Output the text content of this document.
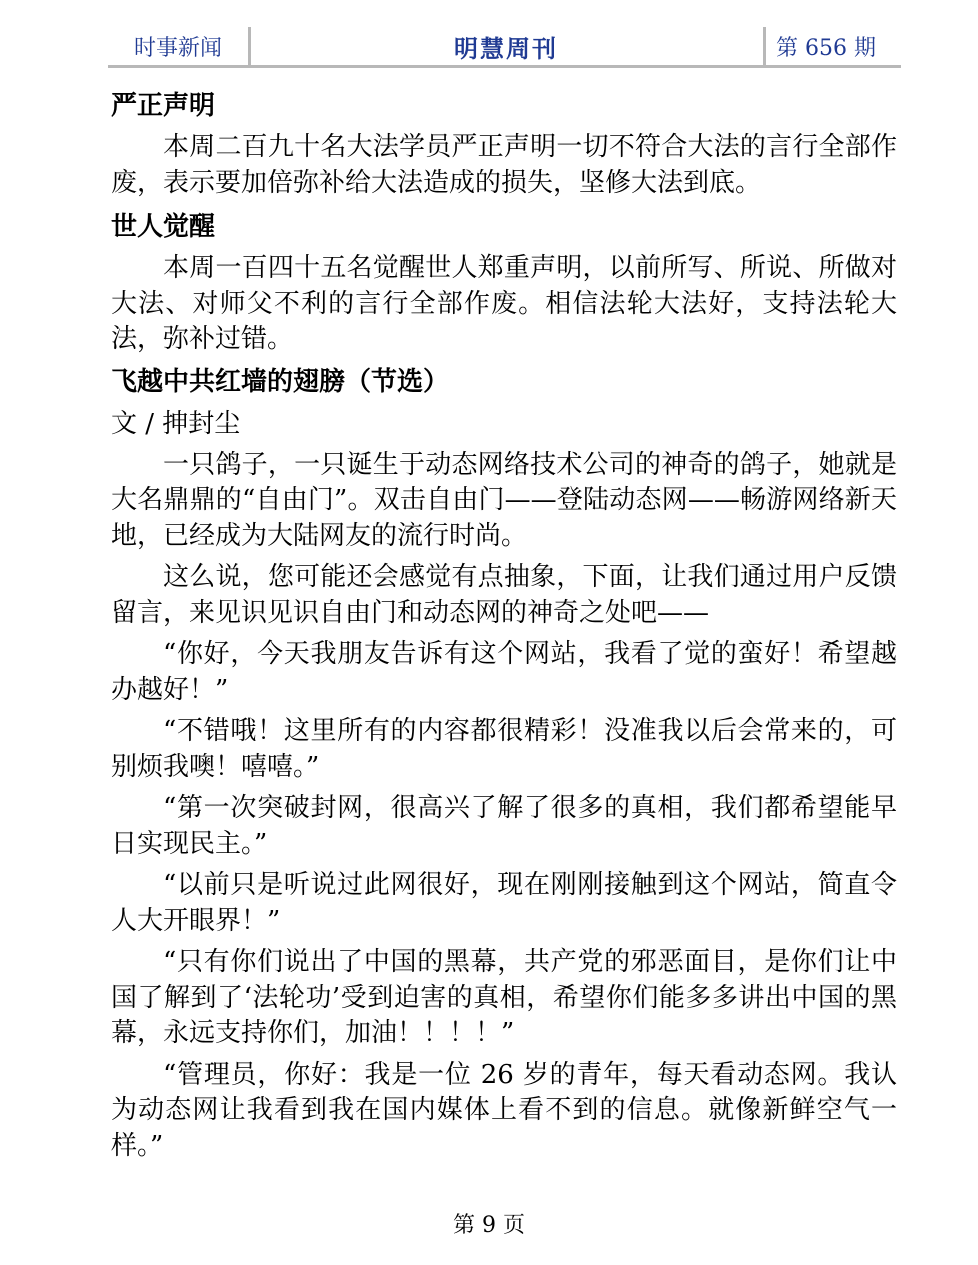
时事新闻	明慧周刊	第 656 期
严正声明

本周二百九十名大法学员严正声明一切不符合大法的言行全部作废，表示要加倍弥补给大法造成的损失，坚修大法到底。

世人觉醒

本周一百四十五名觉醒世人郑重声明，以前所写、所说、所做对大法、对师父不利的言行全部作废。相信法轮大法好，支持法轮大法，弥补过错。

飞越中共红墙的翅膀（节选）

文 / 抻封尘

一只鸽子，一只诞生于动态网络技术公司的神奇的鸽子，她就是大名鼎鼎的“自由门”。双击自由门——登陆动态网——畅游网络新天地，已经成为大陆网友的流行时尚。

这么说，您可能还会感觉有点抽象，下面，让我们通过用户反馈留言，来见识见识自由门和动态网的神奇之处吧——

“你好，今天我朋友告诉有这个网站，我看了觉的蛮好！希望越办越好！”

“不错哦！这里所有的内容都很精彩！没准我以后会常来的，可别烦我噢！嘻嘻。”

“第一次突破封网，很高兴了解了很多的真相，我们都希望能早日实现民主。”

“以前只是听说过此网很好，现在刚刚接触到这个网站，简直令人大开眼界！”

“只有你们说出了中国的黑幕，共产党的邪恶面目，是你们让中国了解到了‘法轮功’受到迫害的真相，希望你们能多多讲出中国的黑幕，永远支持你们，加油！！！！”

“管理员，你好：我是一位 26 岁的青年，每天看动态网。我认为动态网让我看到我在国内媒体上看不到的信息。就像新鲜空气一样。”

第 9 页
